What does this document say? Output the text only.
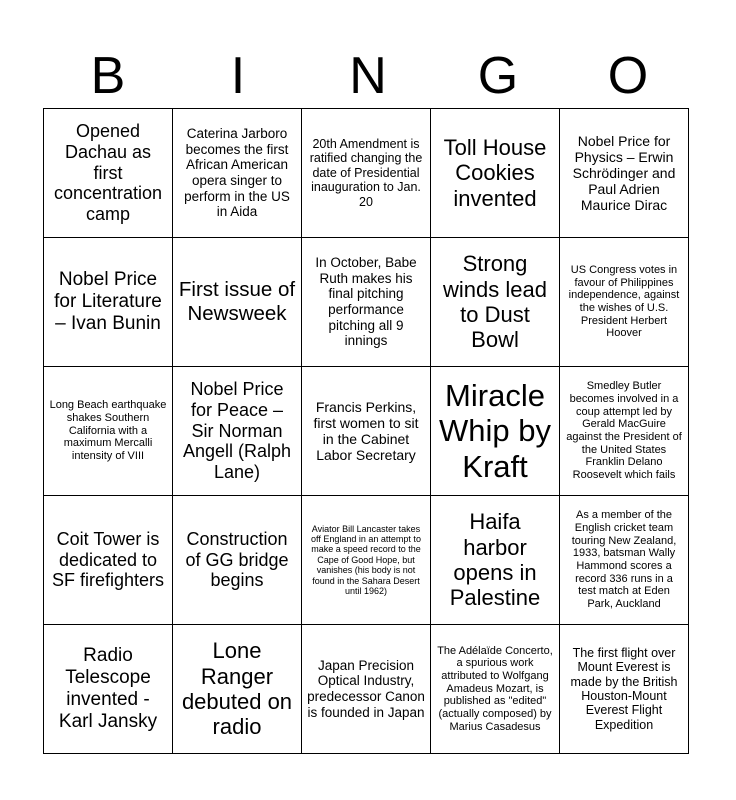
B	I	N	G	O
Opened Dachau as first concentration camp	Caterina Jarboro becomes the first African American opera singer to perform in the US in Aida	20th Amendment is ratified changing the date of Presidential inauguration to Jan. 20	Toll House Cookies invented	Nobel Price for Physics – Erwin Schrödinger and Paul Adrien Maurice Dirac
Nobel Price for Literature – Ivan Bunin	First issue of Newsweek	In October, Babe Ruth makes his final pitching performance pitching all 9 innings	Strong winds lead to Dust Bowl	US Congress votes in favour of Philippines independence, against the wishes of U.S. President Herbert Hoover
Long Beach earthquake shakes Southern California with a maximum Mercalli intensity of VIII	Nobel Price for Peace – Sir Norman Angell (Ralph Lane)	Francis Perkins, first women to sit in the Cabinet Labor Secretary	Miracle Whip by Kraft	Smedley Butler becomes involved in a coup attempt led by Gerald MacGuire against the President of the United States Franklin Delano Roosevelt which fails
Coit Tower is dedicated to SF firefighters	Construction of GG bridge begins	Aviator Bill Lancaster takes off England in an attempt to make a speed record to the Cape of Good Hope, but vanishes (his body is not found in the Sahara Desert until 1962)	Haifa harbor opens in Palestine	As a member of the English cricket team touring New Zealand, 1933, batsman Wally Hammond scores a record 336 runs in a test match at Eden Park, Auckland
Radio Telescope invented - Karl Jansky	Lone Ranger debuted on radio	Japan Precision Optical Industry, predecessor Canon is founded in Japan	The Adélaïde Concerto, a spurious work attributed to Wolfgang Amadeus Mozart, is published as "edited" (actually composed) by Marius Casadesus	The first flight over Mount Everest is made by the British Houston-Mount Everest Flight Expedition
